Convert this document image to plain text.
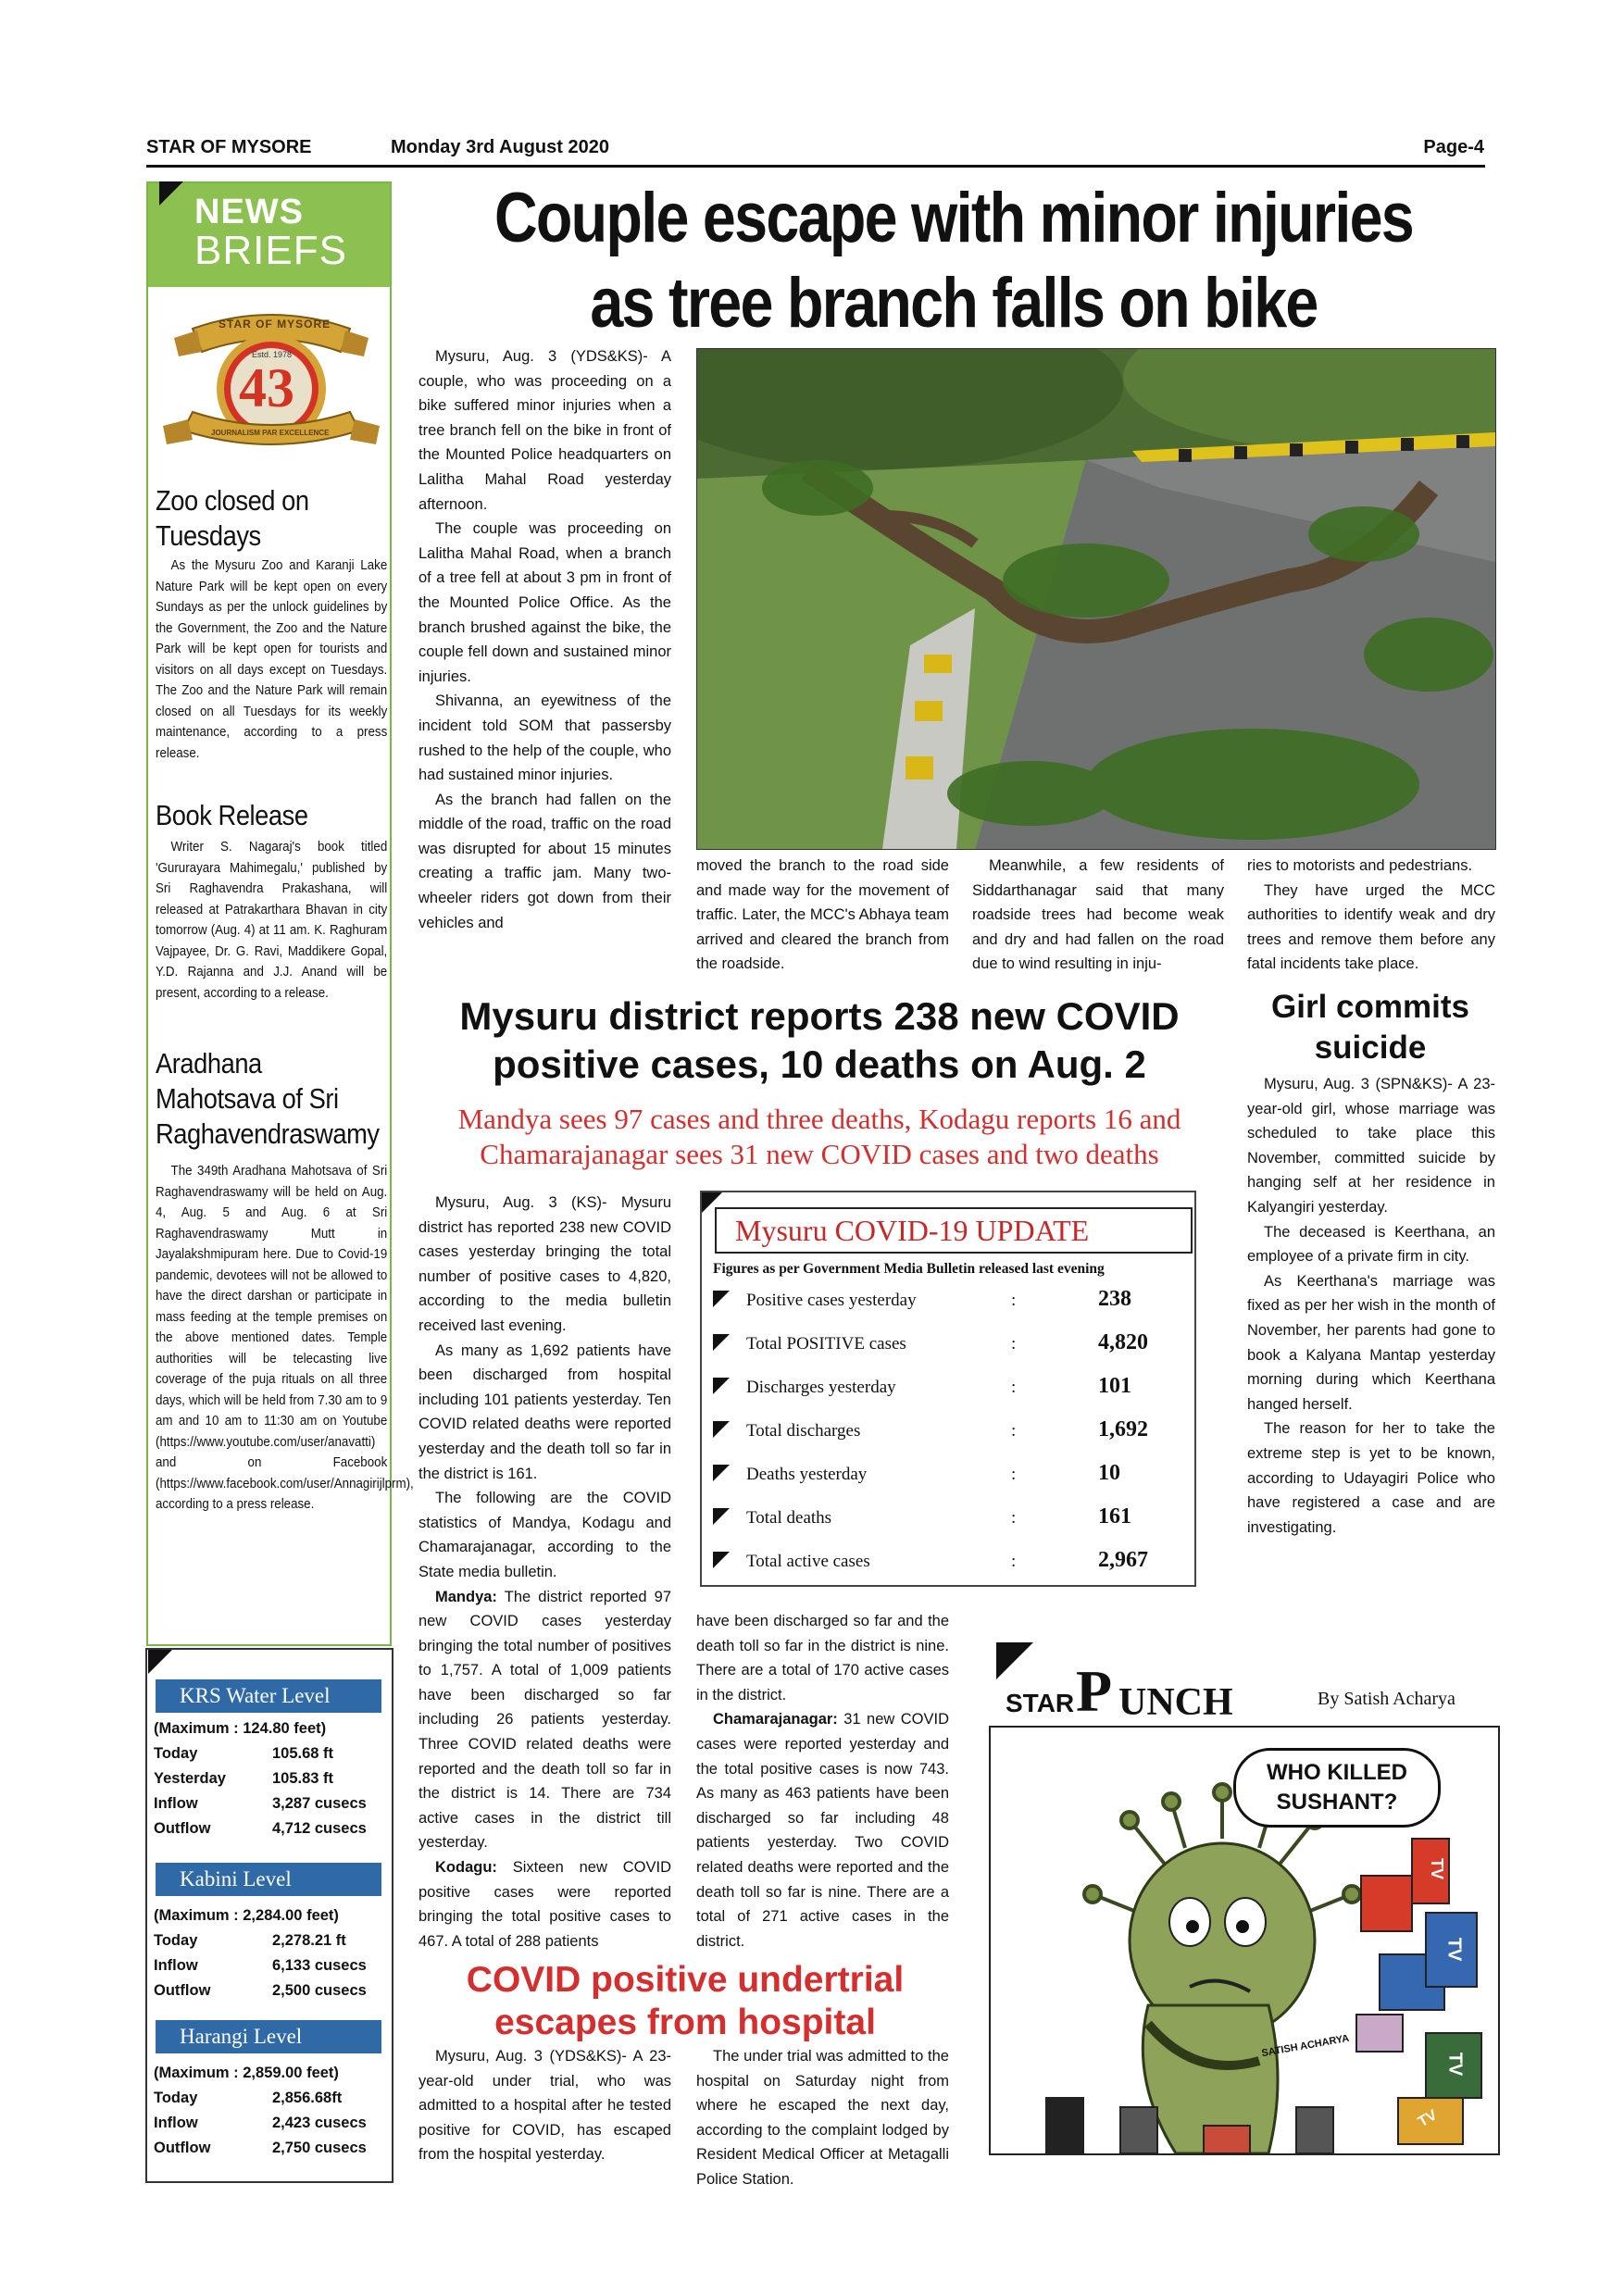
STAR OF MYSORE	Monday 3rd August 2020	Page-4
NEWS
BRIEFS
STAR OF MYSORE
Estd. 1978
43
JOURNALISM PAR EXCELLENCE
Zoo closed on Tuesdays

As the Mysuru Zoo and Karanji Lake Nature Park will be kept open on every Sundays as per the unlock guidelines by the Government, the Zoo and the Nature Park will be kept open for tourists and visitors on all days except on Tuesdays. The Zoo and the Nature Park will remain closed on all Tuesdays for its weekly maintenance, according to a press release.

Book Release

Writer S. Nagaraj's book titled 'Gururayara Mahimegalu,' published by Sri Raghavendra Prakashana, will released at Patrakarthara Bhavan in city tomorrow (Aug. 4) at 11 am. K. Raghuram Vajpayee, Dr. G. Ravi, Maddikere Gopal, Y.D. Rajanna and J.J. Anand will be present, according to a release.

Aradhana Mahotsava of Sri Raghavendraswamy

The 349th Aradhana Mahotsava of Sri Raghavendraswamy will be held on Aug. 4, Aug. 5 and Aug. 6 at Sri Raghavendraswamy Mutt in Jayalakshmipuram here. Due to Covid-19 pandemic, devotees will not be allowed to have the direct darshan or participate in mass feeding at the temple premises on the above mentioned dates. Temple authorities will be telecasting live coverage of the puja rituals on all three days, which will be held from 7.30 am to 9 am and 10 am to 11:30 am on Youtube (https://www.youtube.com/user/anavatti) and on Facebook (https://www.facebook.com/user/Annagirijlprm), according to a press release.

KRS Water Level
(Maximum : 124.80 feet)
Today	105.68 ft
Yesterday	105.83 ft
Inflow	3,287 cusecs
Outflow	4,712 cusecs
Kabini Level
(Maximum : 2,284.00 feet)
Today	2,278.21 ft
Inflow	6,133 cusecs
Outflow	2,500 cusecs
Harangi Level
(Maximum : 2,859.00 feet)
Today	2,856.68ft
Inflow	2,423 cusecs
Outflow	2,750 cusecs
Couple escape with minor injuries
as tree branch falls on bike

Mysuru, Aug. 3 (YDS&KS)- A couple, who was proceeding on a bike suffered minor injuries when a tree branch fell on the bike in front of the Mounted Police headquarters on Lalitha Mahal Road yesterday afternoon.

The couple was proceeding on Lalitha Mahal Road, when a branch of a tree fell at about 3 pm in front of the Mounted Police Office. As the branch brushed against the bike, the couple fell down and sustained minor injuries.

Shivanna, an eyewitness of the incident told SOM that passersby rushed to the help of the couple, who had sustained minor injuries.

As the branch had fallen on the middle of the road, traffic on the road was disrupted for about 15 minutes creating a traffic jam. Many two-wheeler riders got down from their vehicles and

moved the branch to the road side and made way for the movement of traffic. Later, the MCC's Abhaya team arrived and cleared the branch from the roadside.

Meanwhile, a few residents of Siddarthanagar said that many roadside trees had become weak and dry and had fallen on the road due to wind resulting in inju-

ries to motorists and pedestrians.

They have urged the MCC authorities to identify weak and dry trees and remove them before any fatal incidents take place.

Mysuru district reports 238 new COVID
positive cases, 10 deaths on Aug. 2
Mandya sees 97 cases and three deaths, Kodagu reports 16 and
Chamarajanagar sees 31 new COVID cases and two deaths

Mysuru, Aug. 3 (KS)- Mysuru district has reported 238 new COVID cases yesterday bringing the total number of positive cases to 4,820, according to the media bulletin received last evening.

As many as 1,692 patients have been discharged from hospital including 101 patients yesterday. Ten COVID related deaths were reported yesterday and the death toll so far in the district is 161.

The following are the COVID statistics of Mandya, Kodagu and Chamarajanagar, according to the State media bulletin.

Mandya: The district reported 97 new COVID cases yesterday bringing the total number of positives to 1,757. A total of 1,009 patients have been discharged so far including 26 patients yesterday. Three COVID related deaths were reported and the death toll so far in the district is 14. There are 734 active cases in the district till yesterday.

Kodagu: Sixteen new COVID positive cases were reported bringing the total positive cases to 467. A total of 288 patients

Mysuru COVID-19 UPDATE
Figures as per Government Media Bulletin released last evening
Positive cases yesterday	:	238
Total POSITIVE cases	:	4,820
Discharges yesterday	:	101
Total discharges	:	1,692
Deaths yesterday	:	10
Total deaths	:	161
Total active cases	:	2,967

have been discharged so far and the death toll so far in the district is nine. There are a total of 170 active cases in the district.

Chamarajanagar: 31 new COVID cases were reported yesterday and the total positive cases is now 743. As many as 463 patients have been discharged so far including 48 patients yesterday. Two COVID related deaths were reported and the death toll so far is nine. There are a total of 271 active cases in the district.

Girl commits
suicide

Mysuru, Aug. 3 (SPN&KS)- A 23-year-old girl, whose marriage was scheduled to take place this November, committed suicide by hanging self at her residence in Kalyangiri yesterday.

The deceased is Keerthana, an employee of a private firm in city.

As Keerthana's marriage was fixed as per her wish in the month of November, her parents had gone to book a Kalyana Mantap yesterday morning during which Keerthana hanged herself.

The reason for her to take the extreme step is yet to be known, according to Udayagiri Police who have registered a case and are investigating.

COVID positive undertrial
escapes from hospital

Mysuru, Aug. 3 (YDS&KS)- A 23-year-old under trial, who was admitted to a hospital after he tested positive for COVID, has escaped from the hospital yesterday.

The under trial was admitted to the hospital on Saturday night from where he escaped the next day, according to the complaint lodged by Resident Medical Officer at Metagalli Police Station.

STAR P UNCH	By Satish Acharya
WHO KILLED
SUSHANT?
SATISH ACHARYA
TV
TV
TV
TV
